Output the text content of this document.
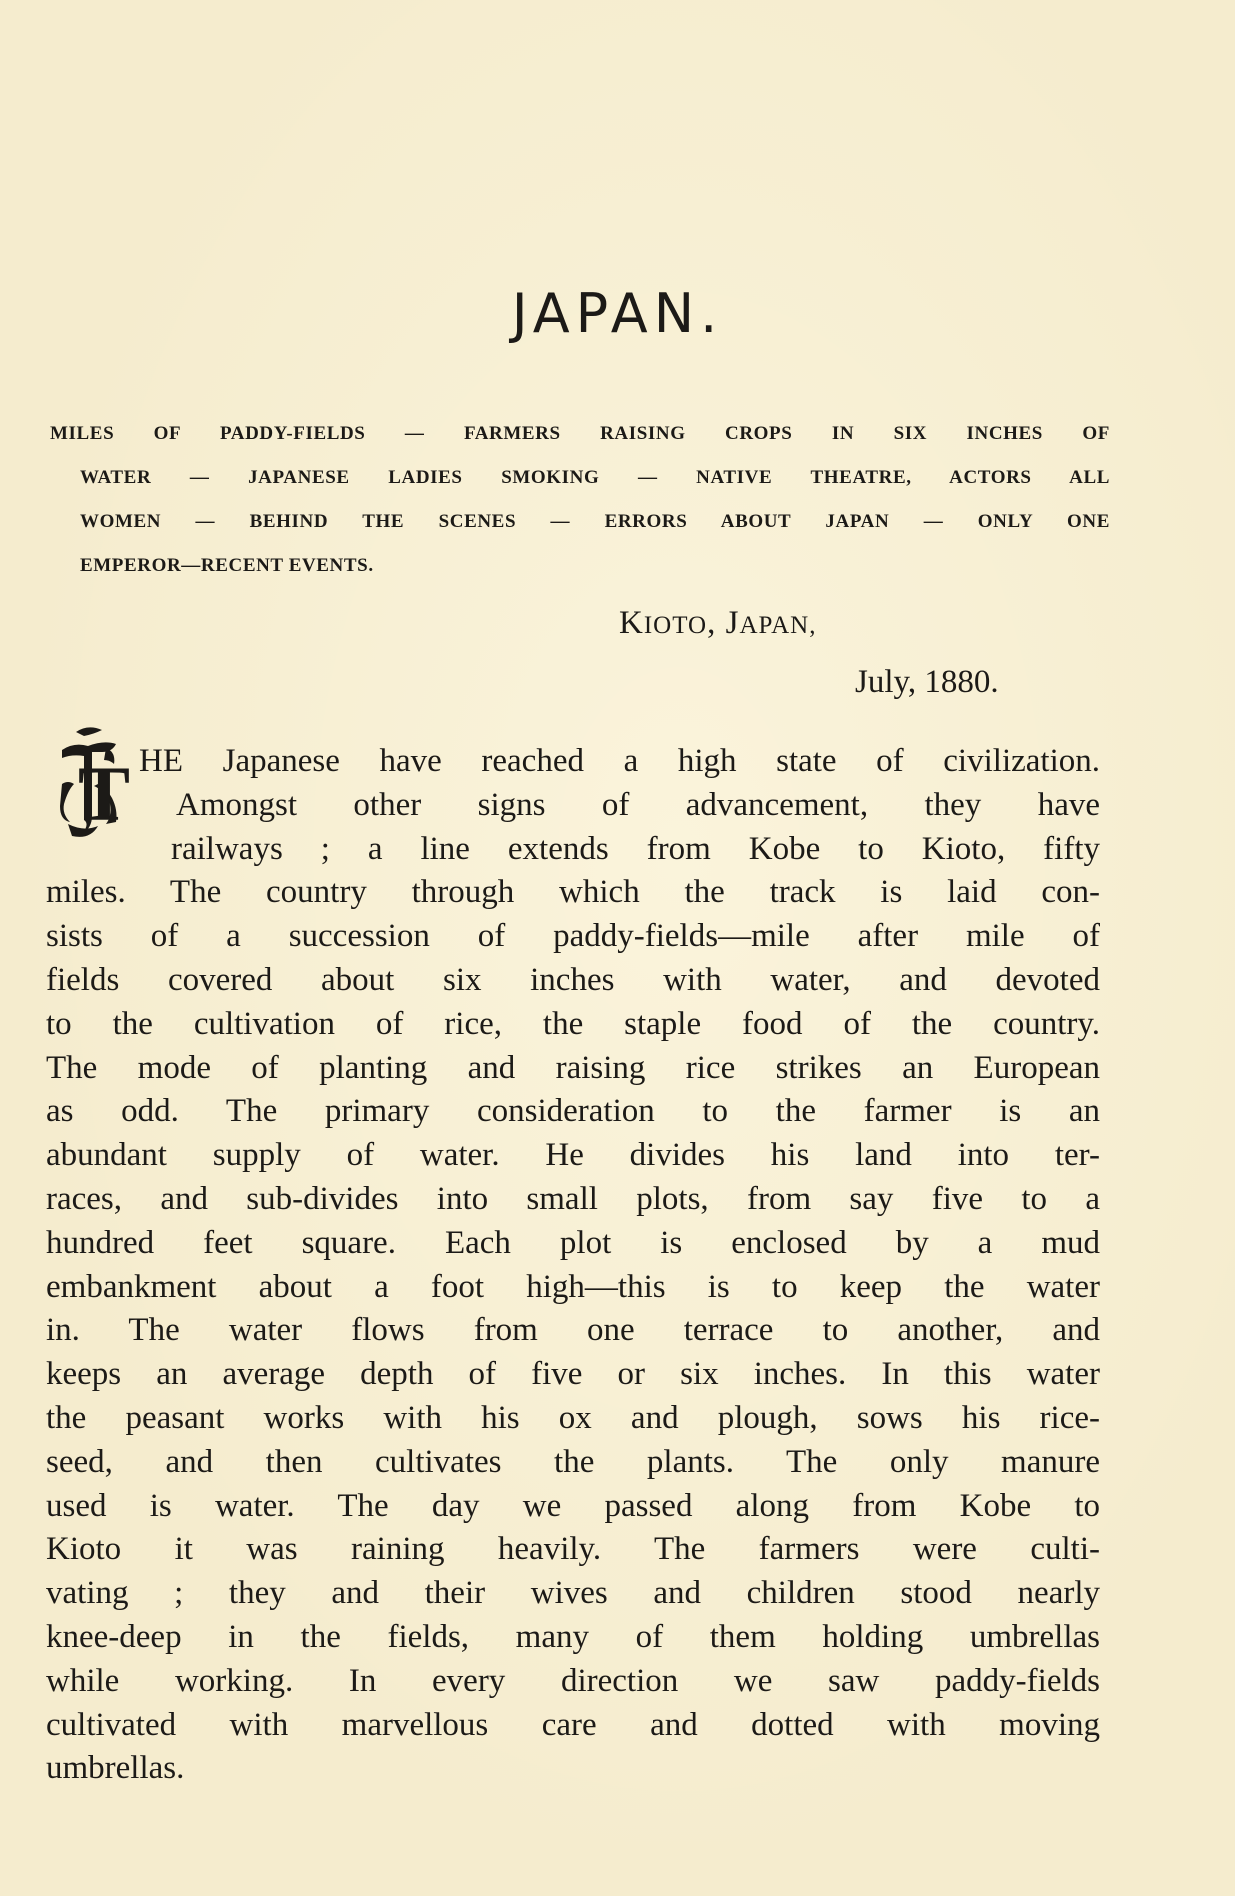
JAPAN.
MILES OF PADDY-FIELDS — FARMERS RAISING CROPS IN SIX INCHES OF
WATER — JAPANESE LADIES SMOKING — NATIVE THEATRE, ACTORS ALL
WOMEN — BEHIND THE SCENES — ERRORS ABOUT JAPAN — ONLY ONE
EMPEROR—RECENT EVENTS.
KIOTO, JAPAN,
July, 1880.
T HE Japanese have reached a high state of civilization.
Amongst other signs of advancement, they have
railways ; a line extends from Kobe to Kioto, fifty
miles. The country through which the track is laid con-
sists of a succession of paddy-fields—mile after mile of
fields covered about six inches with water, and devoted
to the cultivation of rice, the staple food of the country.
The mode of planting and raising rice strikes an European
as odd. The primary consideration to the farmer is an
abundant supply of water. He divides his land into ter-
races, and sub-divides into small plots, from say five to a
hundred feet square. Each plot is enclosed by a mud
embankment about a foot high—this is to keep the water
in. The water flows from one terrace to another, and
keeps an average depth of five or six inches. In this water
the peasant works with his ox and plough, sows his rice-
seed, and then cultivates the plants. The only manure
used is water. The day we passed along from Kobe to
Kioto it was raining heavily. The farmers were culti-
vating ; they and their wives and children stood nearly
knee-deep in the fields, many of them holding umbrellas
while working. In every direction we saw paddy-fields
cultivated with marvellous care and dotted with moving
umbrellas.
